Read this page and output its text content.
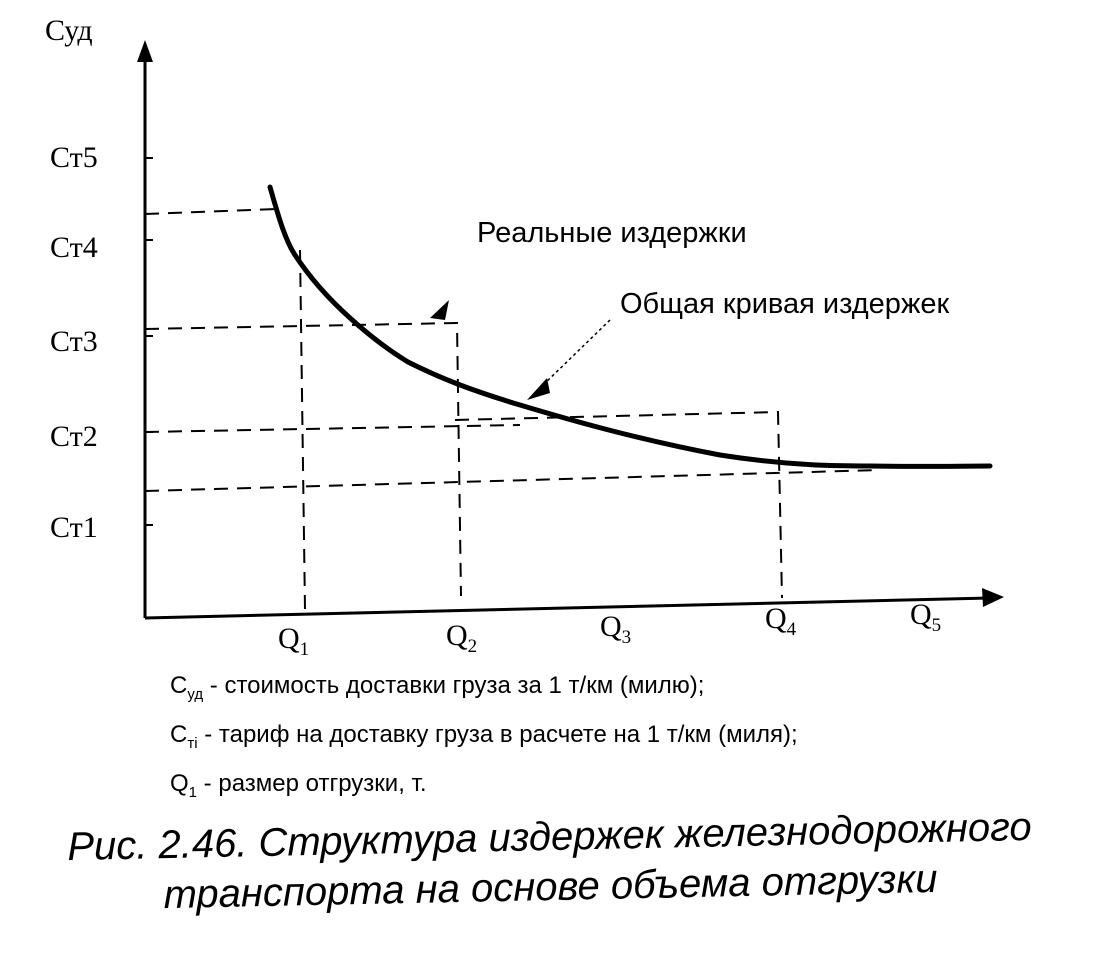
Суд
Ст5
Ст4
Ст3
Ст2
Ст1
Реальные издержки
Общая кривая издержек
$Q_1$	$Q_2$
$Q_3$
$Q_4$	$Q_5$
$С_{уд}$ - стоимость доставки груза за 1 т/км (милю);
$С_{тi}$ - тариф на доставку груза в расчете на 1 т/км (миля);
$Q_1$ - размер отгрузки, т.
Рис. 2.46. Структура издержек железнодорожного
транспорта на основе объема отгрузки
